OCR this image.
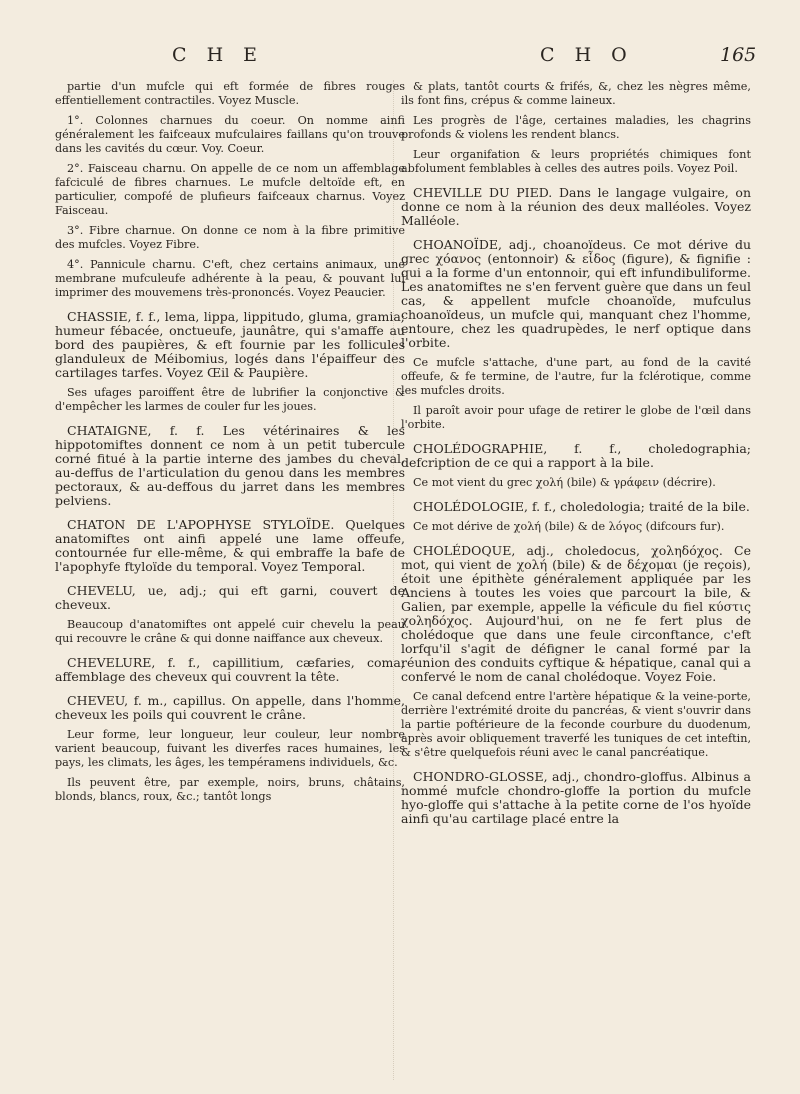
C H E	C H O	165

partie d'un mufcle qui eft formée de fibres rouges effentiellement contractiles. Voyez Muscle.

1°. Colonnes charnues du coeur. On nomme ainfi généralement les faifceaux mufculaires faillans qu'on trouve dans les cavités du cœur. Voy. Coeur.

2°. Faisceau charnu. On appelle de ce nom un affemblage fafciculé de fibres charnues. Le mufcle deltoïde eft, en particulier, compofé de plufieurs faifceaux charnus. Voyez Faisceau.

3°. Fibre charnue. On donne ce nom à la fibre primitive des mufcles. Voyez Fibre.

4°. Pannicule charnu. C'eft, chez certains animaux, une membrane mufculeufe adhérente à la peau, & pouvant lui imprimer des mouvemens très-prononcés. Voyez Peaucier.

CHASSIE, f. f., lema, lippa, lippitudo, gluma, gramia; humeur fébacée, onctueufe, jaunâtre, qui s'amaffe au bord des paupières, & eft fournie par les follicules glanduleux de Méibomius, logés dans l'épaiffeur des cartilages tarfes. Voyez Œil & Paupière.

Ses ufages paroiffent être de lubrifier la conjonctive & d'empêcher les larmes de couler fur les joues.

CHATAIGNE, f. f. Les vétérinaires & les hippotomiftes donnent ce nom à un petit tubercule corné fitué à la partie interne des jambes du cheval, au-deffus de l'articulation du genou dans les membres pectoraux, & au-deffous du jarret dans les membres pelviens.

CHATON DE L'APOPHYSE STYLOÏDE. Quelques anatomiftes ont ainfi appelé une lame offeufe, contournée fur elle-même, & qui embraffe la bafe de l'apophyfe ftyloïde du temporal. Voyez Temporal.

CHEVELU, ue, adj.; qui eft garni, couvert de cheveux.

Beaucoup d'anatomiftes ont appelé cuir chevelu la peau qui recouvre le crâne & qui donne naiffance aux cheveux.

CHEVELURE, f. f., capillitium, cæfaries, coma; affemblage des cheveux qui couvrent la tête.

CHEVEU, f. m., capillus. On appelle, dans l'homme, cheveux les poils qui couvrent le crâne.

Leur forme, leur longueur, leur couleur, leur nombre varient beaucoup, fuivant les diverfes races humaines, les pays, les climats, les âges, les tempéramens individuels, &c.

Ils peuvent être, par exemple, noirs, bruns, châtains, blonds, blancs, roux, &c.; tantôt longs

& plats, tantôt courts & frifés, &, chez les nègres même, ils font fins, crépus & comme laineux.

Les progrès de l'âge, certaines maladies, les chagrins profonds & violens les rendent blancs.

Leur organifation & leurs propriétés chimiques font abfolument femblables à celles des autres poils. Voyez Poil.

CHEVILLE DU PIED. Dans le langage vulgaire, on donne ce nom à la réunion des deux malléoles. Voyez Malléole.

CHOANOÏDE, adj., choanoïdeus. Ce mot dérive du grec χόανος (entonnoir) & εἶδος (figure), & fignifie : qui a la forme d'un entonnoir, qui eft infundibuliforme. Les anatomiftes ne s'en fervent guère que dans un feul cas, & appellent mufcle choanoïde, mufculus choanoïdeus, un mufcle qui, manquant chez l'homme, entoure, chez les quadrupèdes, le nerf optique dans l'orbite.

Ce mufcle s'attache, d'une part, au fond de la cavité offeufe, & fe termine, de l'autre, fur la fclérotique, comme les mufcles droits.

Il paroît avoir pour ufage de retirer le globe de l'œil dans l'orbite.

CHOLÉDOGRAPHIE, f. f., choledographia; defcription de ce qui a rapport à la bile.

Ce mot vient du grec χολή (bile) & γράφειν (décrire).

CHOLÉDOLOGIE, f. f., choledologia; traité de la bile.

Ce mot dérive de χολή (bile) & de λόγος (difcours fur).

CHOLÉDOQUE, adj., choledocus, χοληδόχος. Ce mot, qui vient de χολή (bile) & de δέχομαι (je reçois), étoit une épithète généralement appliquée par les Anciens à toutes les voies que parcourt la bile, & Galien, par exemple, appelle la véficule du fiel κύστις χοληδόχος. Aujourd'hui, on ne fe fert plus de cholédoque que dans une feule circonftance, c'eft lorfqu'il s'agit de défigner le canal formé par la réunion des conduits cyftique & hépatique, canal qui a confervé le nom de canal cholédoque. Voyez Foie.

Ce canal defcend entre l'artère hépatique & la veine-porte, derrière l'extrémité droite du pancréas, & vient s'ouvrir dans la partie poftérieure de la feconde courbure du duodenum, après avoir obliquement traverfé les tuniques de cet inteftin, & s'être quelquefois réuni avec le canal pancréatique.

CHONDRO-GLOSSE, adj., chondro-gloffus. Albinus a nommé mufcle chondro-gloffe la portion du mufcle hyo-gloffe qui s'attache à la petite corne de l'os hyoïde ainfi qu'au cartilage placé entre la
